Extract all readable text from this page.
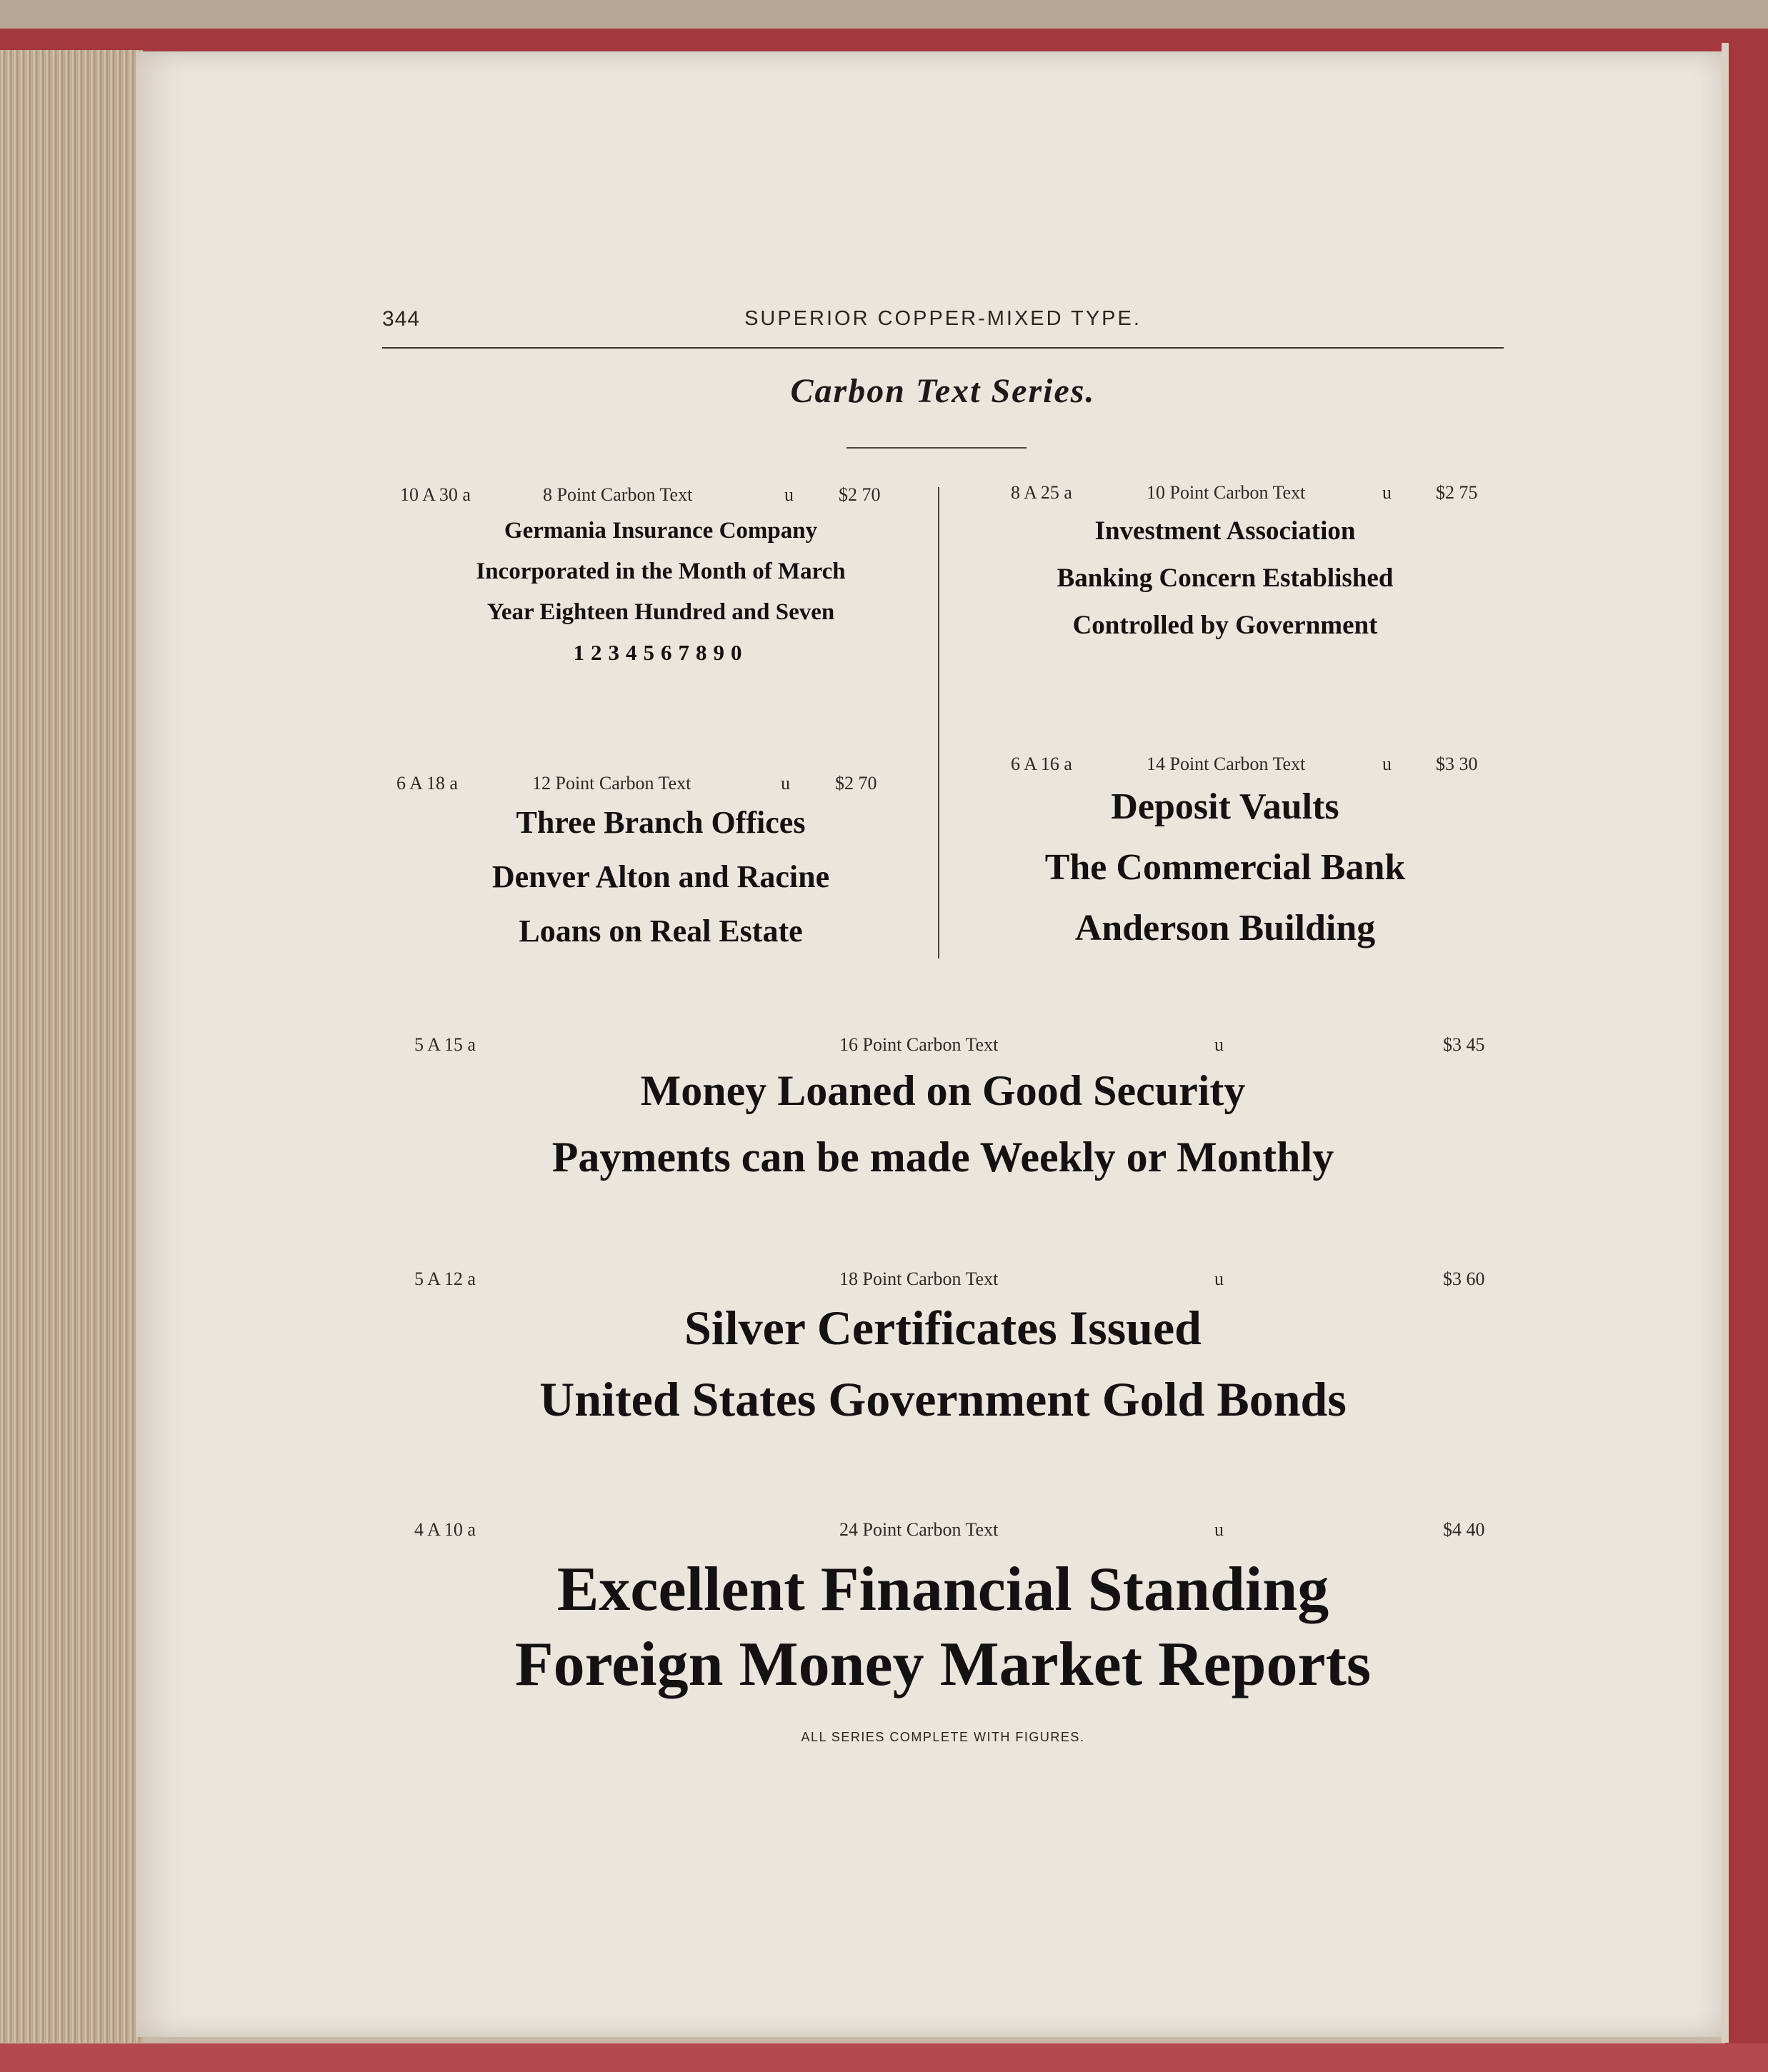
344	SUPERIOR COPPER-MIXED TYPE.
Carbon Text Series.
10 A 30 a	8 Point Carbon Text	u $2 70
Germania Insurance Company
Incorporated in the Month of March
Year Eighteen Hundred and Seven
1234567890
8 A 25 a	10 Point Carbon Text	u $2 75
Investment Association
Banking Concern Established
Controlled by Government
6 A 18 a	12 Point Carbon Text	u $2 70
Three Branch Offices
Denver Alton and Racine
Loans on Real Estate
6 A 16 a	14 Point Carbon Text	u $3 30
Deposit Vaults
The Commercial Bank
Anderson Building
5 A 15 a	16 Point Carbon Text	u	$3 45
Money Loaned on Good Security
Payments can be made Weekly or Monthly
5 A 12 a	18 Point Carbon Text	u	$3 60
Silver Certificates Issued
United States Government Gold Bonds
4 A 10 a	24 Point Carbon Text	u	$4 40
Excellent Financial Standing
Foreign Money Market Reports
ALL SERIES COMPLETE WITH FIGURES.
